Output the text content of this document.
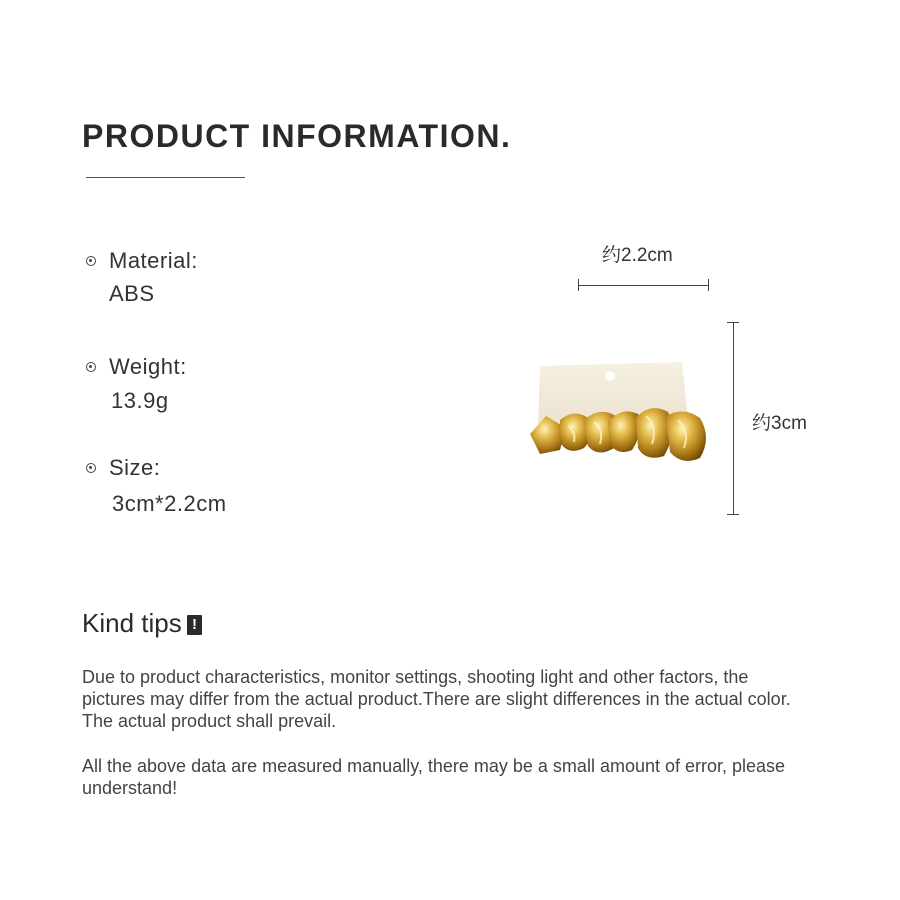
PRODUCT INFORMATION.
Material:
ABS
Weight:
13.9g
Size:
3cm*2.2cm
约2.2cm
约3cm
Kind tips !
Due to product characteristics, monitor settings, shooting light and other factors, the pictures may differ from the actual product.There are slight differences in the actual color. The actual product shall prevail.
All the above data are measured manually, there may be a small amount of error, please understand!
